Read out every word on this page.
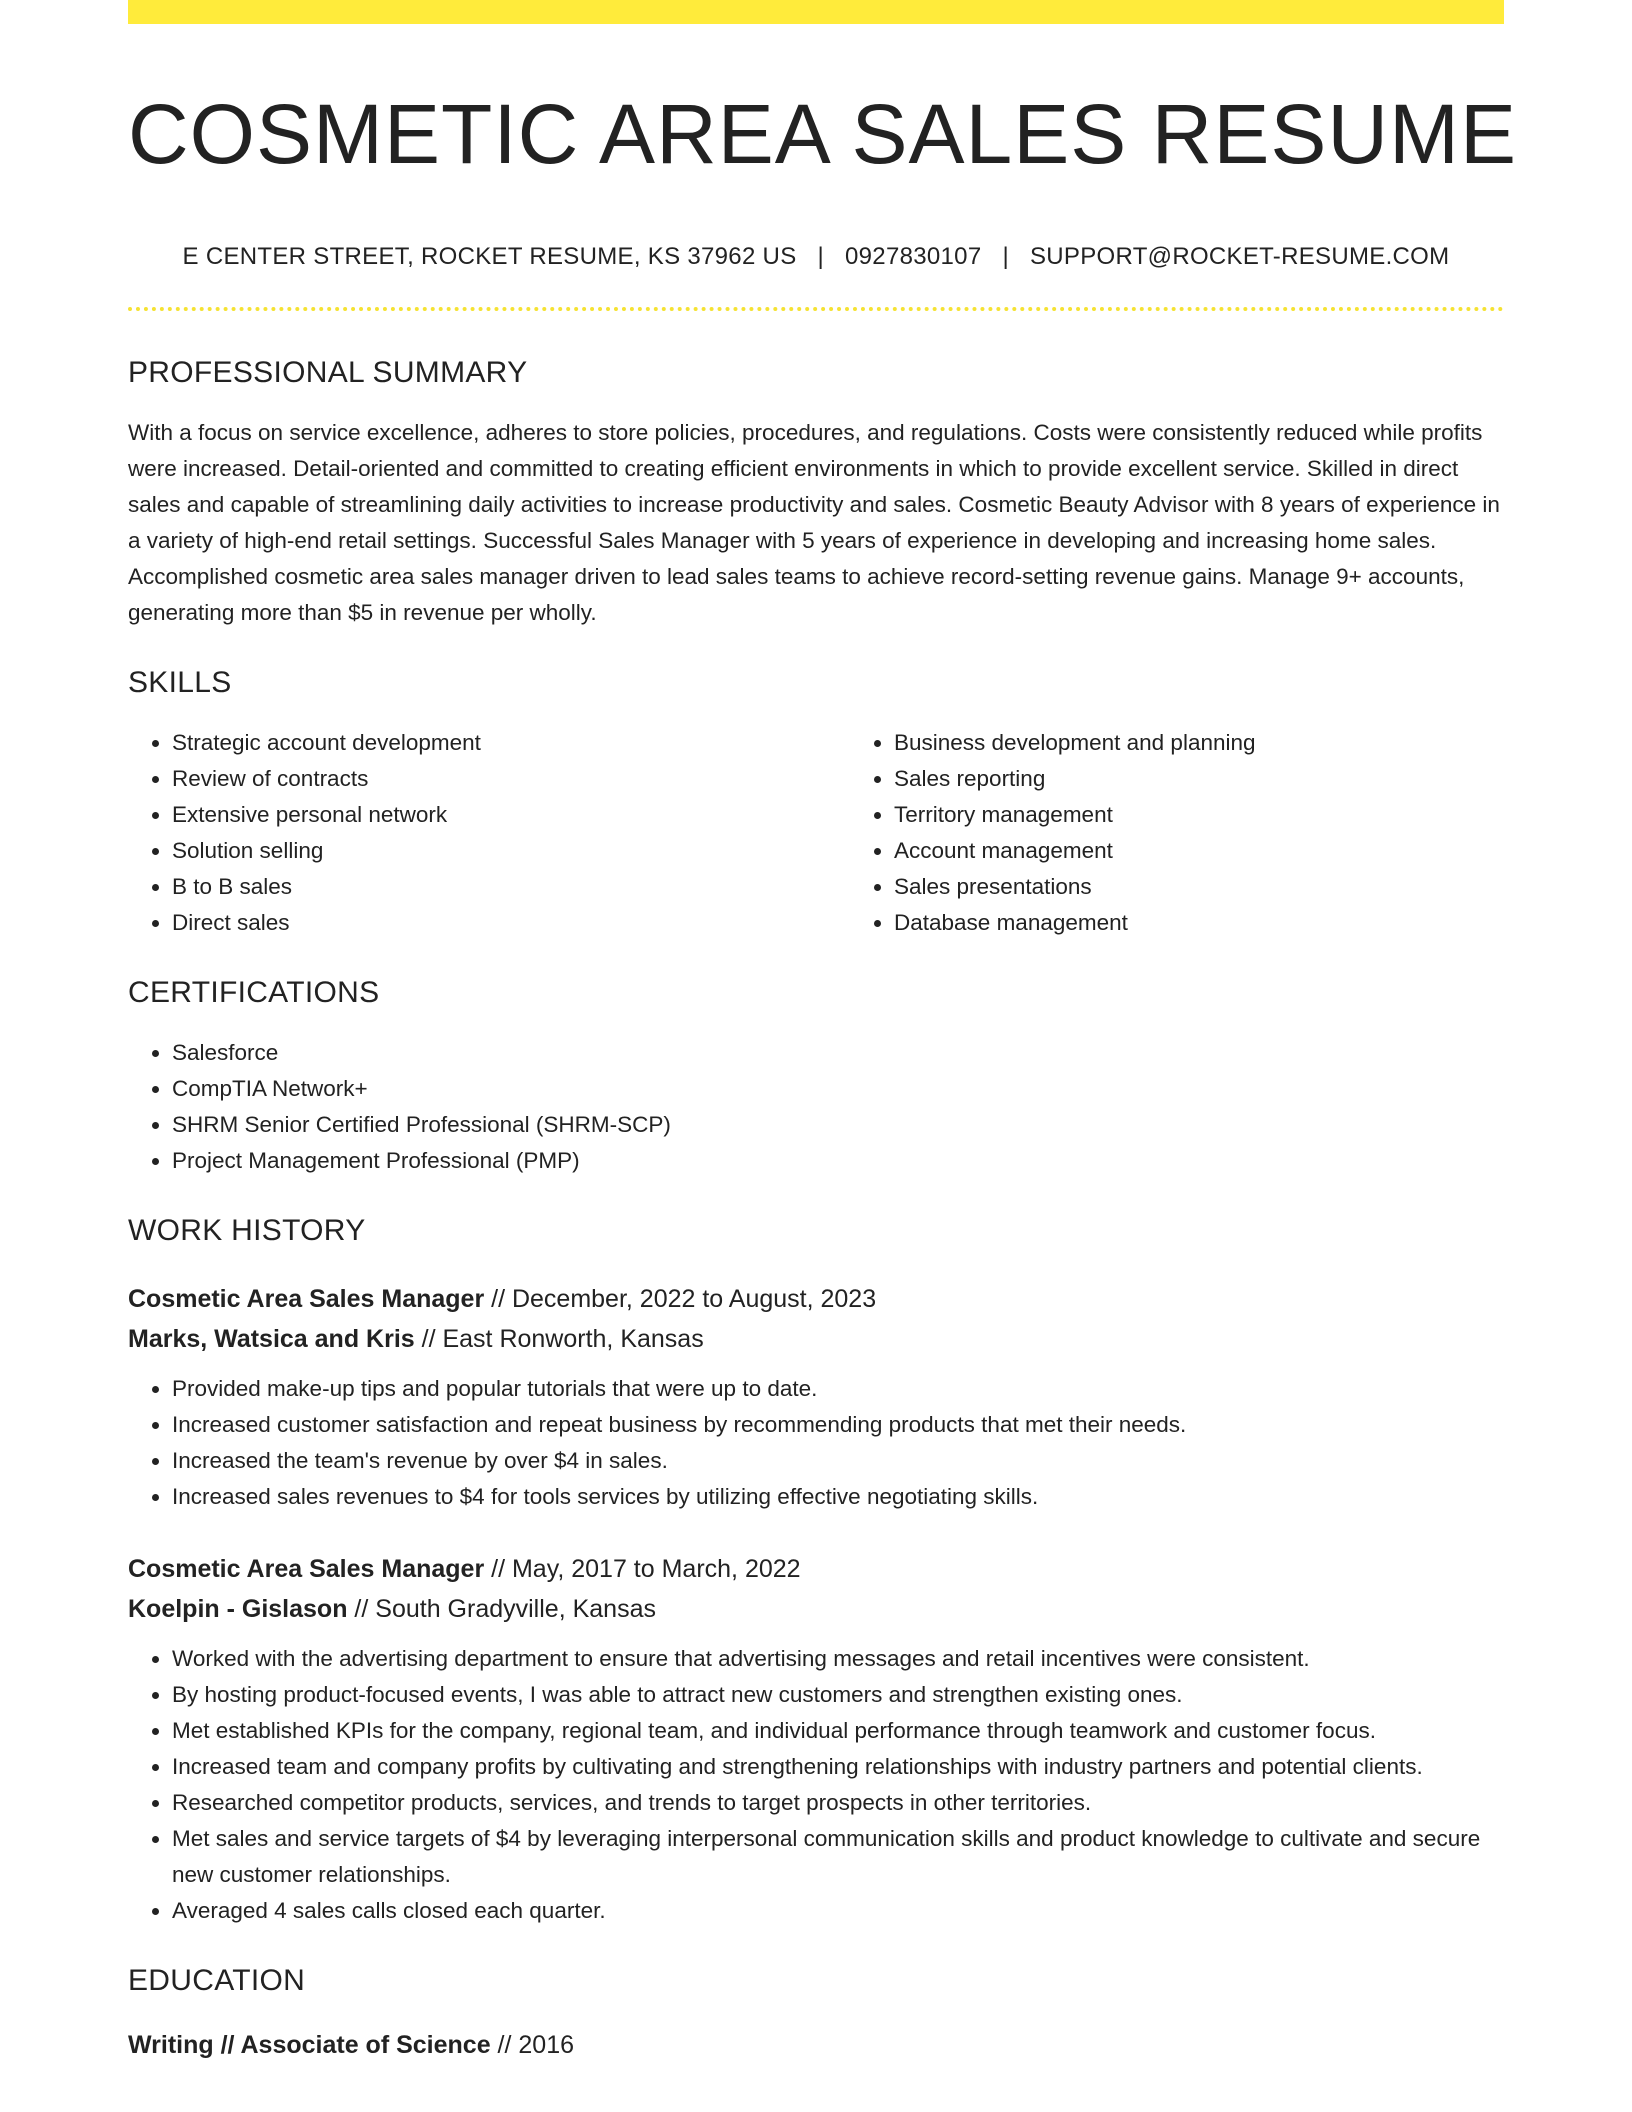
COSMETIC AREA SALES RESUME
E CENTER STREET, ROCKET RESUME, KS 37962 US | 0927830107 | SUPPORT@ROCKET-RESUME.COM
PROFESSIONAL SUMMARY

With a focus on service excellence, adheres to store policies, procedures, and regulations. Costs were consistently reduced while profits were increased. Detail-oriented and committed to creating efficient environments in which to provide excellent service. Skilled in direct sales and capable of streamlining daily activities to increase productivity and sales. Cosmetic Beauty Advisor with 8 years of experience in a variety of high-end retail settings. Successful Sales Manager with 5 years of experience in developing and increasing home sales. Accomplished cosmetic area sales manager driven to lead sales teams to achieve record-setting revenue gains. Manage 9+ accounts, generating more than $5 in revenue per wholly.

SKILLS
• Strategic account development
• Review of contracts
• Extensive personal network
• Solution selling
• B to B sales
• Direct sales
• Business development and planning
• Sales reporting
• Territory management
• Account management
• Sales presentations
• Database management
CERTIFICATIONS
• Salesforce
• CompTIA Network+
• SHRM Senior Certified Professional (SHRM-SCP)
• Project Management Professional (PMP)
WORK HISTORY
Cosmetic Area Sales Manager // December, 2022 to August, 2023
Marks, Watsica and Kris // East Ronworth, Kansas
• Provided make-up tips and popular tutorials that were up to date.
• Increased customer satisfaction and repeat business by recommending products that met their needs.
• Increased the team's revenue by over $4 in sales.
• Increased sales revenues to $4 for tools services by utilizing effective negotiating skills.
Cosmetic Area Sales Manager // May, 2017 to March, 2022
Koelpin - Gislason // South Gradyville, Kansas
• Worked with the advertising department to ensure that advertising messages and retail incentives were consistent.
• By hosting product-focused events, I was able to attract new customers and strengthen existing ones.
• Met established KPIs for the company, regional team, and individual performance through teamwork and customer focus.
• Increased team and company profits by cultivating and strengthening relationships with industry partners and potential clients.
• Researched competitor products, services, and trends to target prospects in other territories.
• Met sales and service targets of $4 by leveraging interpersonal communication skills and product knowledge to cultivate and secure new customer relationships.
• Averaged 4 sales calls closed each quarter.
EDUCATION
Writing // Associate of Science // 2016
